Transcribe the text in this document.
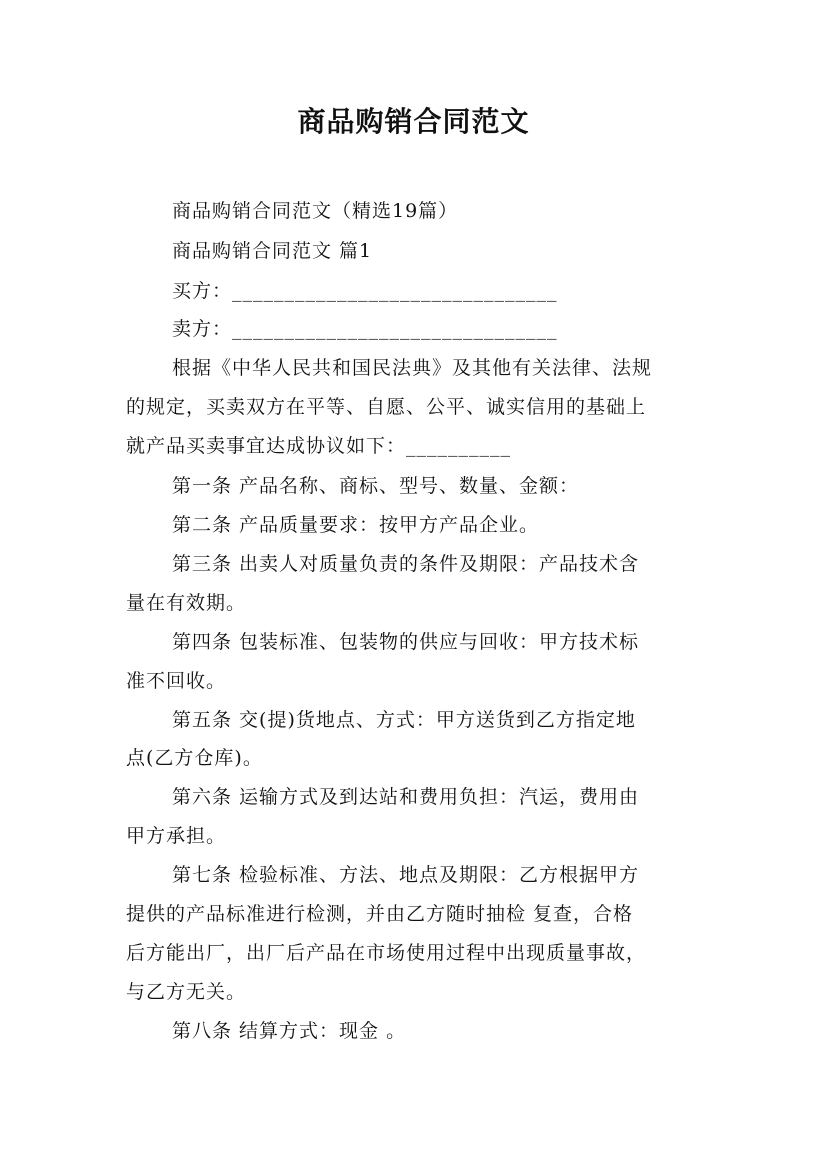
商品购销合同范文
商品购销合同范文（精选19篇）
商品购销合同范文 篇1
买方：_______________________________
卖方：_______________________________
根据《中华人民共和国民法典》及其他有关法律、法规
的规定，买卖双方在平等、自愿、公平、诚实信用的基础上
就产品买卖事宜达成协议如下：__________
第一条 产品名称、商标、型号、数量、金额：
第二条 产品质量要求：按甲方产品企业。
第三条 出卖人对质量负责的条件及期限：产品技术含
量在有效期。
第四条 包装标准、包装物的供应与回收：甲方技术标
准不回收。
第五条 交(提)货地点、方式：甲方送货到乙方指定地
点(乙方仓库)。
第六条 运输方式及到达站和费用负担：汽运，费用由
甲方承担。
第七条 检验标准、方法、地点及期限：乙方根据甲方
提供的产品标准进行检测，并由乙方随时抽检 复查，合格
后方能出厂，出厂后产品在市场使用过程中出现质量事故，
与乙方无关。
第八条 结算方式：现金 。
